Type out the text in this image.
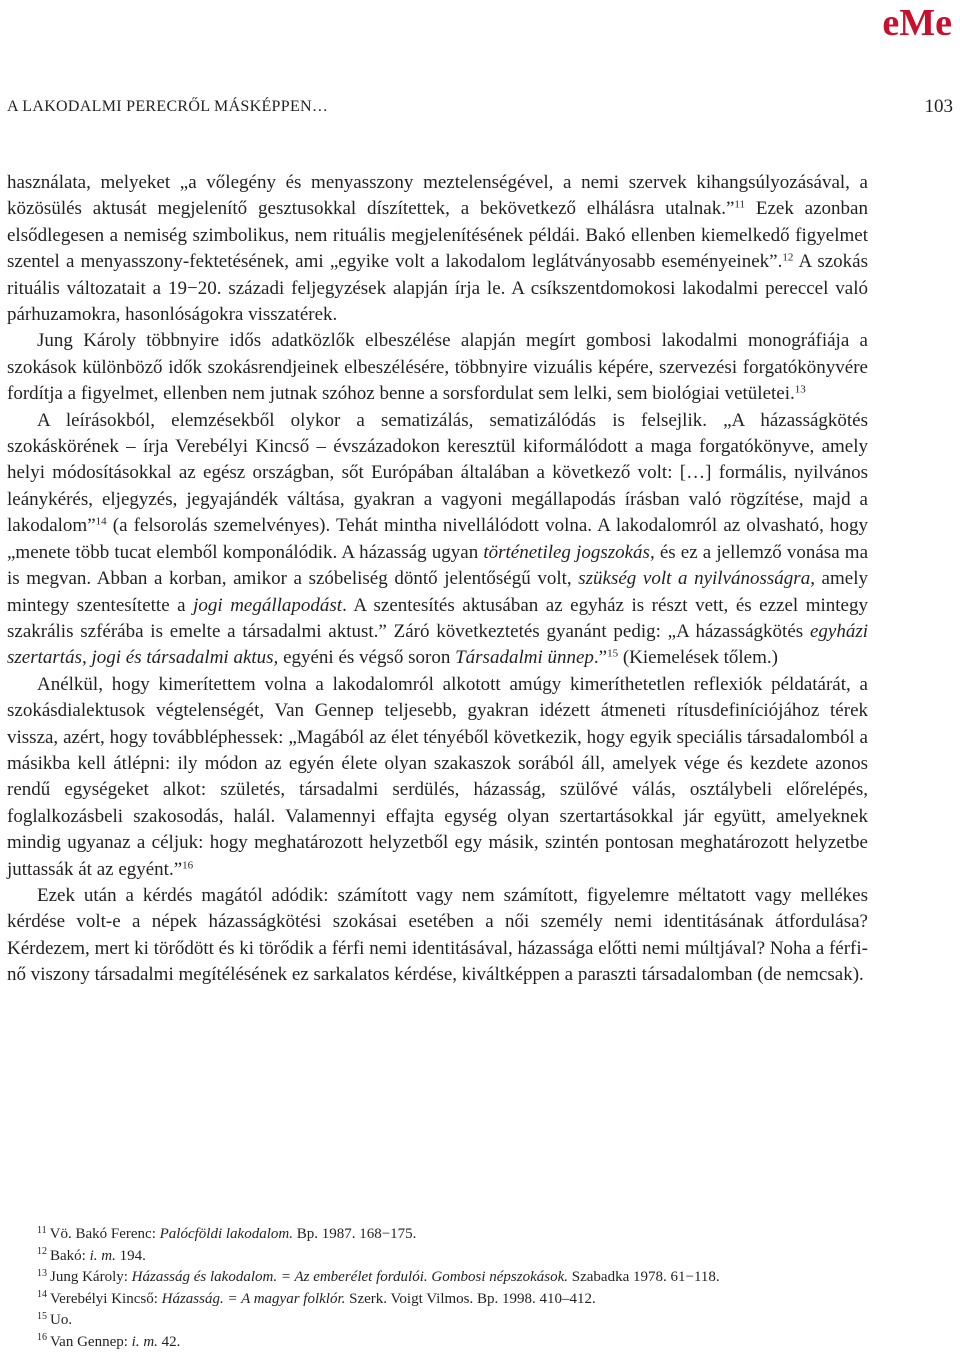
eMe
A LAKODALMI PERECRŐL MÁSKÉPPEN…	103

használata, melyeket „a vőlegény és menyasszony meztelenségével, a nemi szervek kihangsúlyozásával, a közösülés aktusát megjelenítő gesztusokkal díszítettek, a bekövetkező elhálásra utalnak.”$^{11}$ Ezek azonban elsődlegesen a nemiség szimbolikus, nem rituális megjelenítésének példái. Bakó ellenben kiemelkedő figyelmet szentel a menyasszony-fektetésének, ami „egyike volt a lakodalom leglátványosabb eseményeinek”.$^{12}$ A szokás rituális változatait a 19−20. századi feljegyzések alapján írja le. A csíkszentdomokosi lakodalmi pereccel való párhuzamokra, hasonlóságokra visszatérek.

Jung Károly többnyire idős adatközlők elbeszélése alapján megírt gombosi lakodalmi monográfiája a szokások különböző idők szokásrendjeinek elbeszélésére, többnyire vizuális képére, szervezési forgatókönyvére fordítja a figyelmet, ellenben nem jutnak szóhoz benne a sorsfordulat sem lelki, sem biológiai vetületei.$^{13}$

A leírásokból, elemzésekből olykor a sematizálás, sematizálódás is felsejlik. „A házasságkötés szokáskörének – írja Verebélyi Kincső – évszázadokon keresztül kiformálódott a maga forgatókönyve, amely helyi módosításokkal az egész országban, sőt Európában általában a következő volt: […] formális, nyilvános leánykérés, eljegyzés, jegyajándék váltása, gyakran a vagyoni megállapodás írásban való rögzítése, majd a lakodalom”$^{14}$ (a felsorolás szemelvényes). Tehát mintha nivellálódott volna. A lakodalomról az olvasható, hogy „menete több tucat elemből komponálódik. A házasság ugyan történetileg jogszokás, és ez a jellemző vonása ma is megvan. Abban a korban, amikor a szóbeliség döntő jelentőségű volt, szükség volt a nyilvánosságra, amely mintegy szentesítette a jogi megállapodást. A szentesítés aktusában az egyház is részt vett, és ezzel mintegy szakrális szférába is emelte a társadalmi aktust.” Záró következtetés gyanánt pedig: „A házasságkötés egyházi szertartás, jogi és társadalmi aktus, egyéni és végső soron Társadalmi ünnep.”$^{15}$ (Kiemelések tőlem.)

Anélkül, hogy kimerítettem volna a lakodalomról alkotott amúgy kimeríthetetlen reflexiók példatárát, a szokásdialektusok végtelenségét, Van Gennep teljesebb, gyakran idézett átmeneti rítusdefiníciójához térek vissza, azért, hogy továbbléphessek: „Magából az élet tényéből következik, hogy egyik speciális társadalomból a másikba kell átlépni: ily módon az egyén élete olyan szakaszok sorából áll, amelyek vége és kezdete azonos rendű egységeket alkot: születés, társadalmi serdülés, házasság, szülővé válás, osztálybeli előrelépés, foglalkozásbeli szakosodás, halál. Valamennyi effajta egység olyan szertartásokkal jár együtt, amelyeknek mindig ugyanaz a céljuk: hogy meghatározott helyzetből egy másik, szintén pontosan meghatározott helyzetbe juttassák át az egyént.”$^{16}$

Ezek után a kérdés magától adódik: számított vagy nem számított, figyelemre méltatott vagy mellékes kérdése volt-e a népek házasságkötési szokásai esetében a női személy nemi identitásának átfordulása? Kérdezem, mert ki törődött és ki törődik a férfi nemi identitásával, házassága előtti nemi múltjával? Noha a férfi-nő viszony társadalmi megítélésének ez sarkalatos kérdése, kiváltképpen a paraszti társadalomban (de nemcsak).

$^{11}$ Vö. Bakó Ferenc: Palócföldi lakodalom. Bp. 1987. 168−175.
$^{12}$ Bakó: i. m. 194.
$^{13}$ Jung Károly: Házasság és lakodalom. = Az emberélet fordulói. Gombosi népszokások. Szabadka 1978. 61−118.
$^{14}$ Verebélyi Kincső: Házasság. = A magyar folklór. Szerk. Voigt Vilmos. Bp. 1998. 410–412.
$^{15}$ Uo.
$^{16}$ Van Gennep: i. m. 42.
